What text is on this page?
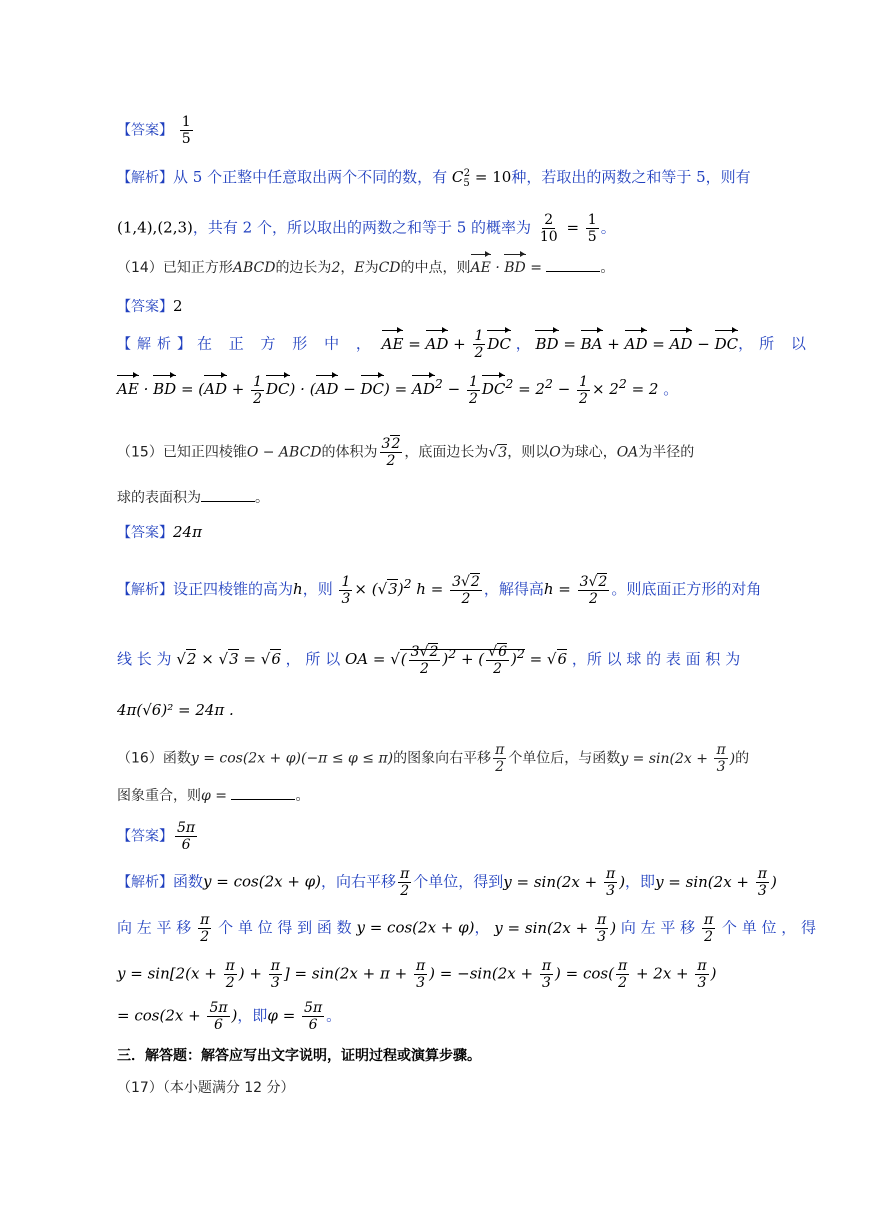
【答案】 $\frac{1}{5}$
【解析】从 5 个正整中任意取出两个不同的数，有 $C_5^2 = 10$种，若取出的两数之和等于 5，则有
(1,4),(2,3)，共有 2 个，所以取出的两数之和等于 5 的概率为 $\frac{2}{10} = \frac{1}{5}$ 。
（14）已知正方形ABCD的边长为2，E为CD的中点，则AE · BD =	。
【答案】2
【解析】在 正 方 形 中 ， AE = AD + $\frac{1}{2}$ DC ， BD = BA + AD = AD − DC，所 以
AE · BD = $(AD + \frac{1}{2} DC) \cdot (AD - DC) = AD^2 - \frac{1}{2} DC^2 = 2^2 - \frac{1}{2} \times 2^2 = 2$ 。
（15）已知正四棱锥O − ABCD的体积为 $\frac{32}{2}$ ，底面边长为√3，则以O为球心，OA为半径的
球的表面积为	。
【答案】24π
【解析】设正四棱锥的高为h，则 $\frac{1}{3} \times (√3)^2$ $h = \frac{3√2}{2}$ ，解得高$h = \frac{3√2}{2}$ 。则底面正方形的对角
线 长 为 √2 × √3 = √6 ， 所 以 OA = √( $\frac{3√2}{2} )^2$ + ( $\frac{√6}{2} )^2 = √6$ ，所 以 球 的 表 面 积 为
4π(√6)² = 24π .
（16）函数y = cos(2x + φ)(−π ≤ φ ≤ π)的图象向右平移 $\frac{\pi}{2}$ 个单位后，与函数$y = \sin(2x + \frac{\pi}{3}$ )的
图象重合，则φ =	。
【答案】 $\frac{5\pi}{6}$
【解析】函数y = cos(2x + φ)，向右平移 $\frac{\pi}{2}$ 个单位，得到$y = \sin(2x + \frac{\pi}{3}$ )，即$y = \sin(2x + \frac{\pi}{3}$ )
向 左 平 移 $\frac{\pi}{2}$ 个 单 位 得 到 函 数 y = cos(2x + φ)， $y = \sin(2x + \frac{\pi}{3}$ ) 向 左 平 移 $\frac{\pi}{2}$ 个 单 位 ， 得
$y = \sin[2(x + \frac{\pi}{2}$ ) + $\frac{\pi}{3}$ ] = $\sin(2x + \pi + \frac{\pi}{3}$ ) = $-\sin(2x + \frac{\pi}{3}$ ) = $\cos( \frac{\pi}{2} + 2x + \frac{\pi}{3}$ )
= $\cos(2x + \frac{5\pi}{6}$ )，即$\varphi = \frac{5\pi}{6}$ 。
三．解答题：解答应写出文字说明，证明过程或演算步骤。
（17）（本小题满分 12 分）
